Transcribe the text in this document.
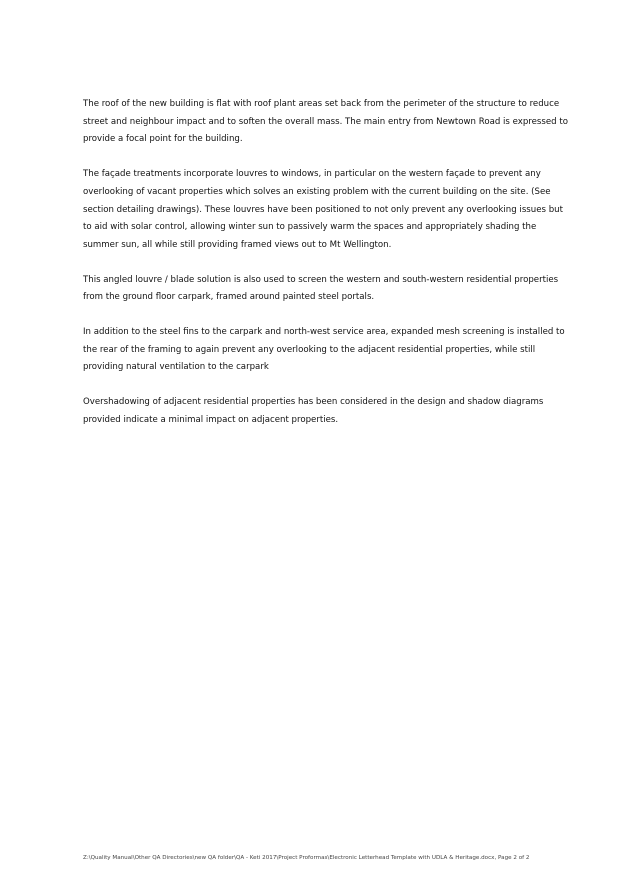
The roof of the new building is flat with roof plant areas set back from the perimeter of the structure to reduce street and neighbour impact and to soften the overall mass. The main entry from Newtown Road is expressed to provide a focal point for the building.

The façade treatments incorporate louvres to windows, in particular on the western façade to prevent any overlooking of vacant properties which solves an existing problem with the current building on the site. (See section detailing drawings). These louvres have been positioned to not only prevent any overlooking issues but to aid with solar control, allowing winter sun to passively warm the spaces and appropriately shading the summer sun, all while still providing framed views out to Mt Wellington.

This angled louvre / blade solution is also used to screen the western and south-western residential properties from the ground floor carpark, framed around painted steel portals.

In addition to the steel fins to the carpark and north-west service area, expanded mesh screening is installed to the rear of the framing to again prevent any overlooking to the adjacent residential properties, while still providing natural ventilation to the carpark

Overshadowing of adjacent residential properties has been considered in the design and shadow diagrams provided indicate a minimal impact on adjacent properties.

Z:\Quality Manual\Other QA Directories\new QA folder\QA - Keti 2017\Project Proformas\Electronic Letterhead Template with UDLA & Heritage.docx, Page 2 of 2
